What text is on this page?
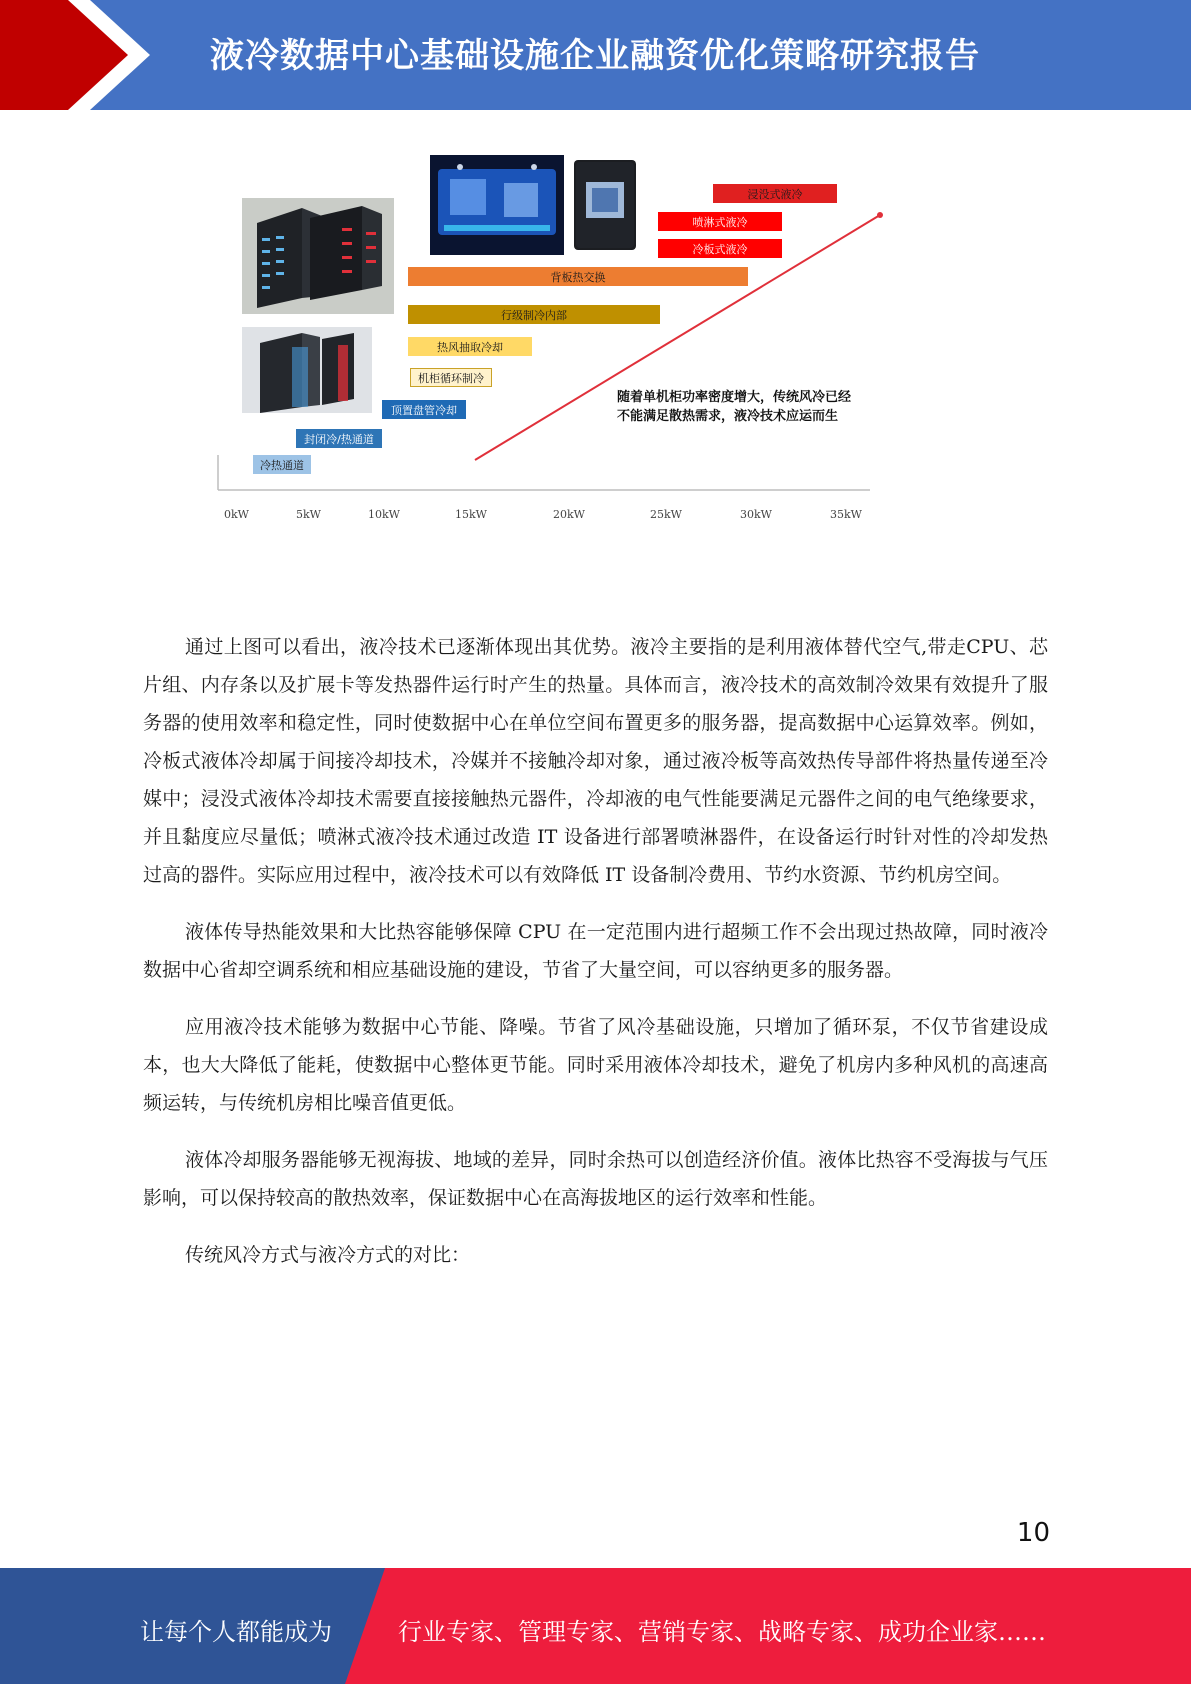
液冷数据中心基础设施企业融资优化策略研究报告
冷热通道
封闭冷/热通道
顶置盘管冷却
机柜循环制冷
热风抽取冷却
行级制冷内部
背板热交换
冷板式液冷
喷淋式液冷
浸没式液冷
随着单机柜功率密度增大，传统风冷已经
不能满足散热需求，液冷技术应运而生
0kW	5kW	10kW	15kW	20kW	25kW	30kW	35kW

通过上图可以看出，液冷技术已逐渐体现出其优势。液冷主要指的是利用液体替代空气,带走CPU、芯片组、内存条以及扩展卡等发热器件运行时产生的热量。具体而言，液冷技术的高效制冷效果有效提升了服务器的使用效率和稳定性，同时使数据中心在单位空间布置更多的服务器，提高数据中心运算效率。例如，冷板式液体冷却属于间接冷却技术，冷媒并不接触冷却对象，通过液冷板等高效热传导部件将热量传递至冷媒中；浸没式液体冷却技术需要直接接触热元器件，冷却液的电气性能要满足元器件之间的电气绝缘要求，并且黏度应尽量低；喷淋式液冷技术通过改造 IT 设备进行部署喷淋器件，在设备运行时针对性的冷却发热过高的器件。实际应用过程中，液冷技术可以有效降低 IT 设备制冷费用、节约水资源、节约机房空间。

液体传导热能效果和大比热容能够保障 CPU 在一定范围内进行超频工作不会出现过热故障，同时液冷数据中心省却空调系统和相应基础设施的建设，节省了大量空间，可以容纳更多的服务器。

应用液冷技术能够为数据中心节能、降噪。节省了风冷基础设施，只增加了循环泵，不仅节省建设成本，也大大降低了能耗，使数据中心整体更节能。同时采用液体冷却技术，避免了机房内多种风机的高速高频运转，与传统机房相比噪音值更低。

液体冷却服务器能够无视海拔、地域的差异，同时余热可以创造经济价值。液体比热容不受海拔与气压影响，可以保持较高的散热效率，保证数据中心在高海拔地区的运行效率和性能。

传统风冷方式与液冷方式的对比：

10
让每个人都能成为	行业专家、管理专家、营销专家、战略专家、成功企业家……
